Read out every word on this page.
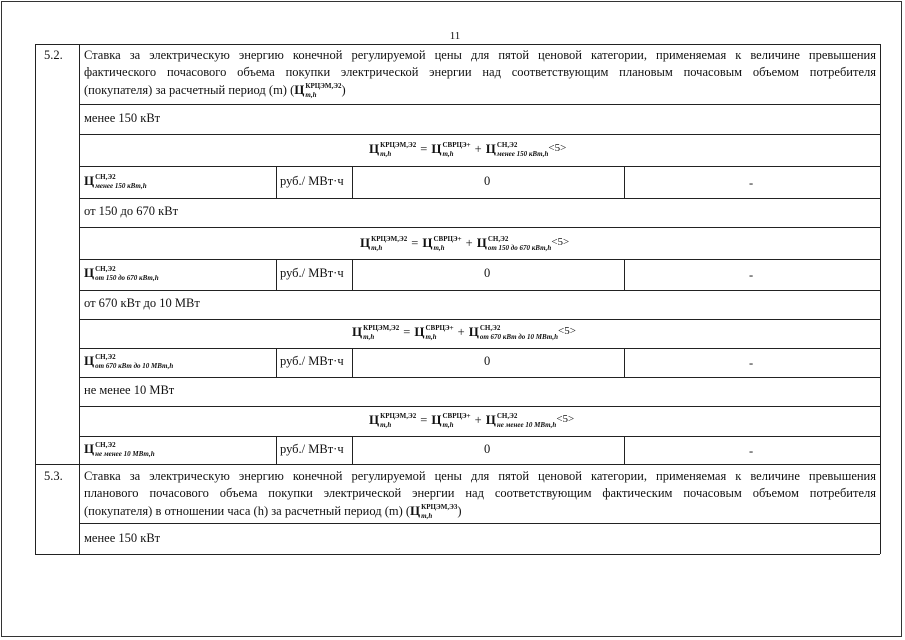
11
5.2. Ставка за электрическую энергию конечной регулируемой цены для пятой ценовой категории, применяемая к величине превышения
фактического почасового объема покупки электрической энергии над соответствующим плановым почасовым объемом потребителя
(покупателя) за расчетный период (m) (Ц КРЦЭМ,Э2
m,h	)
менее 150 кВт
Ц КРЦЭМ,Э2
m,h	= Ц СВРЦЭ+
m,h	+ Ц СН,Э2
менее 150 кВт,h
<5>
Ц СН,Э2
менее 150 кВт,h	руб./ МВт·ч	0	-
от 150 до 670 кВт
Ц КРЦЭМ,Э2
m,h	= Ц СВРЦЭ+
m,h	+ Ц СН,Э2
от 150 до 670 кВт,h
<5>
Ц СН,Э2
от 150 до 670 кВт,h	руб./ МВт·ч	0	-
от 670 кВт до 10 МВт
Ц КРЦЭМ,Э2
m,h	= Ц СВРЦЭ+
m,h	+ Ц СН,Э2
от 670 кВт до 10 МВт,h
<5>
Ц СН,Э2
от 670 кВт до 10 МВт,h	руб./ МВт·ч	0	-
не менее 10 МВт
Ц КРЦЭМ,Э2
m,h	= Ц СВРЦЭ+
m,h	+ Ц СН,Э2
не менее 10 МВт,h
<5>
Ц СН,Э2
не менее 10 МВт,h	руб./ МВт·ч	0	-
5.3. Ставка за электрическую энергию конечной регулируемой цены для пятой ценовой категории, применяемая к величине превышения
планового почасового объема покупки электрической энергии над соответствующим фактическим почасовым объемом потребителя
(покупателя) в отношении часа (h) за расчетный период (m) (Ц КРЦЭМ,Э3
m,h	)
менее 150 кВт
